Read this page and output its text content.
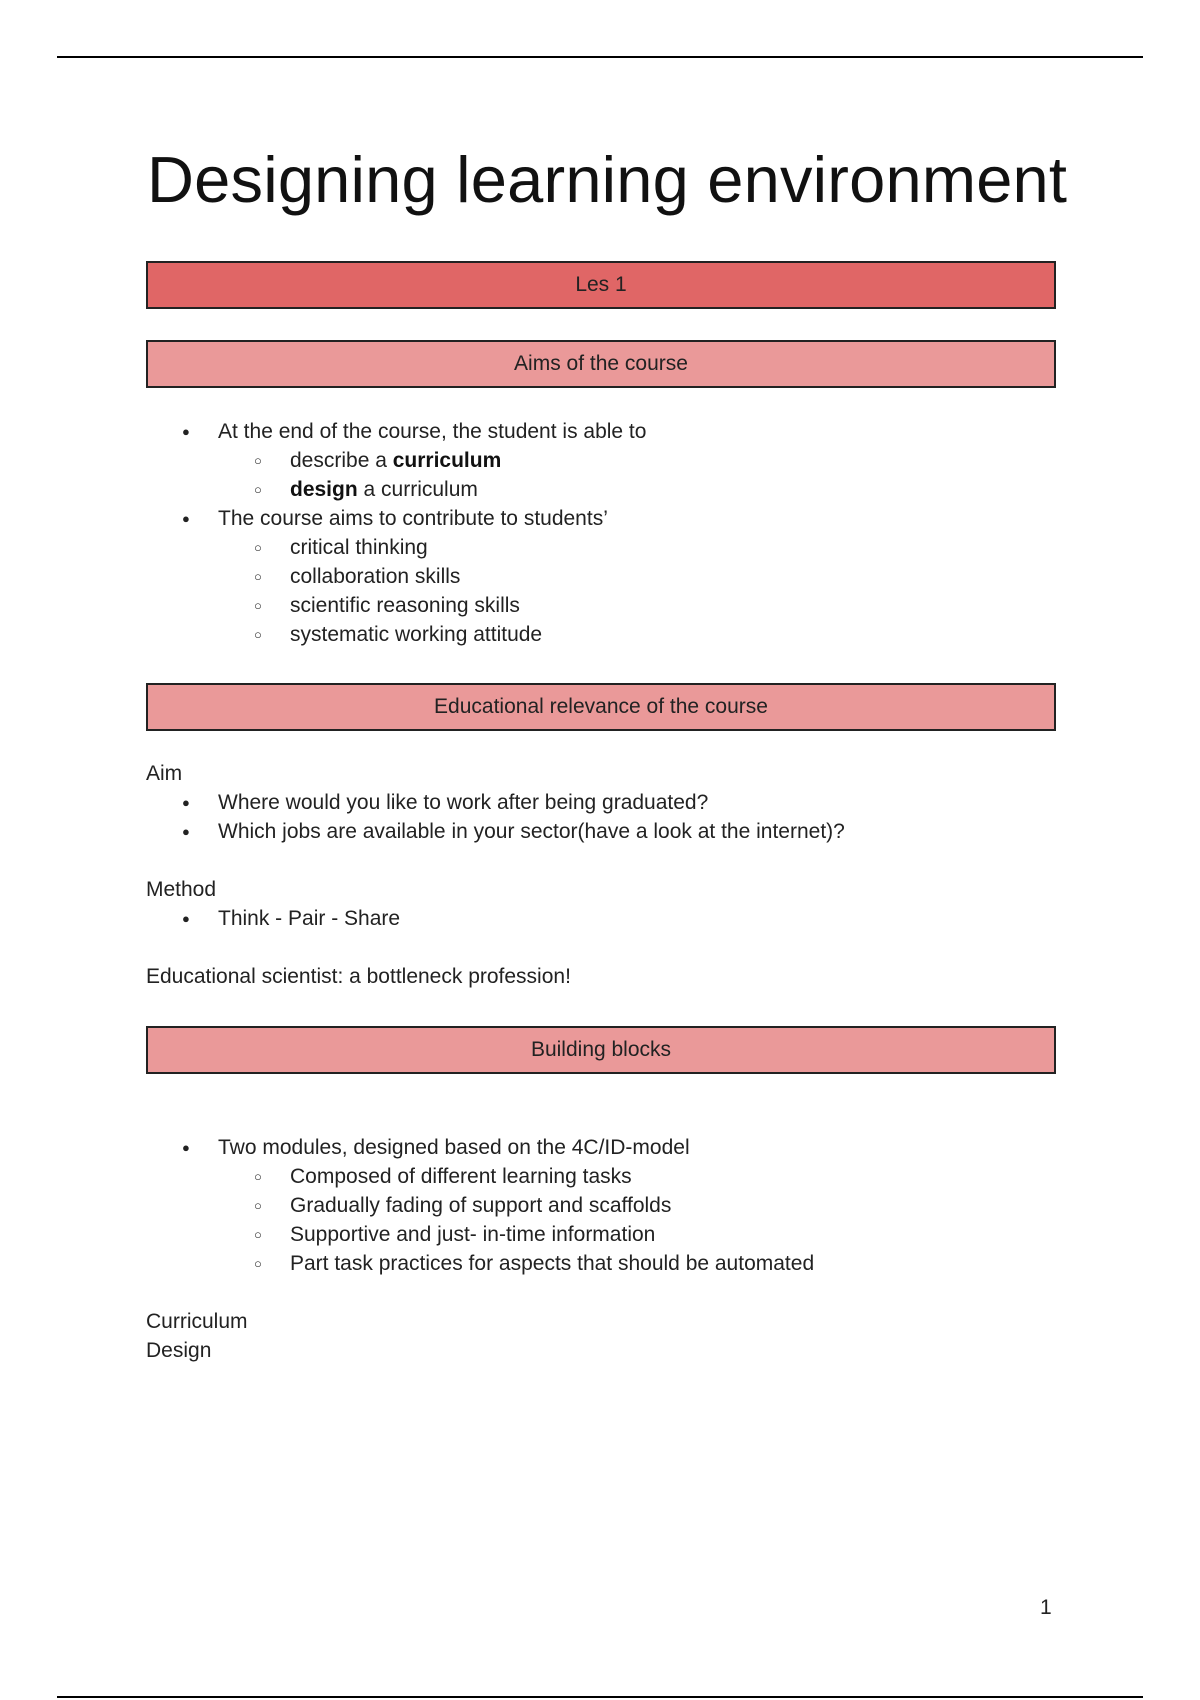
Designing learning environment
Les 1
Aims of the course
● At the end of the course, the student is able to
○ describe a curriculum
○ design a curriculum
● The course aims to contribute to students’
○ critical thinking
○ collaboration skills
○ scientific reasoning skills
○ systematic working attitude
Educational relevance of the course
Aim
● Where would you like to work after being graduated?
● Which jobs are available in your sector(have a look at the internet)?
Method
● Think - Pair - Share
Educational scientist: a bottleneck profession!
Building blocks
● Two modules, designed based on the 4C/ID-model
○ Composed of different learning tasks
○ Gradually fading of support and scaffolds
○ Supportive and just- in-time information
○ Part task practices for aspects that should be automated
Curriculum
Design
1
